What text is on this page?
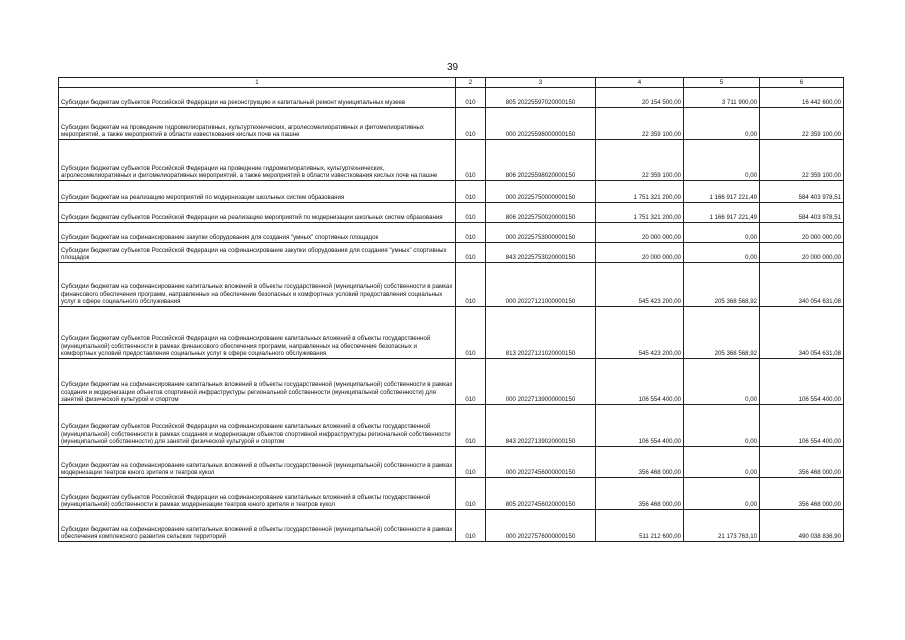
39
1	2	3	4	5	6
Субсидии бюджетам субъектов Российской Федерации на реконструкцию и капитальный ремонт муниципальных музеев	010	805 20225597020000150	20 154 500,00	3 711 900,00	16 442 600,00
Субсидии бюджетам на проведение гидромелиоративных, культуртехнических, агролесомелиоративных и фитомелиоративных мероприятий, а также мероприятий в области известкования кислых почв на пашне	010	000 20225598000000150	22 359 100,00	0,00	22 359 100,00
Субсидии бюджетам субъектов Российской Федерации на проведение гидромелиоративных, культуртехнических, агролесомелиоративных и фитомелиоративных мероприятий, а также мероприятий в области известкования кислых почв на пашне	010	806 20225598020000150	22 359 100,00	0,00	22 359 100,00
Субсидии бюджетам на реализацию мероприятий по модернизации школьных систем образования	010	000 20225750000000150	1 751 321 200,00	1 166 917 221,49	584 403 978,51
Субсидии бюджетам субъектов Российской Федерации на реализацию мероприятий по модернизации школьных систем образования	010	806 20225750020000150	1 751 321 200,00	1 166 917 221,49	584 403 978,51
Субсидии бюджетам на софинансирование закупки оборудования для создания "умных" спортивных площадок	010	000 20225753000000150	20 000 000,00	0,00	20 000 000,00
Субсидии бюджетам субъектов Российской Федерации на софинансирование закупки оборудования для создания "умных" спортивных площадок	010	843 20225753020000150	20 000 000,00	0,00	20 000 000,00
Субсидии бюджетам на софинансирование капитальных вложений в объекты государственной (муниципальной) собственности в рамках финансового обеспечения программ, направленных на обеспечение безопасных и комфортных условий предоставления социальных услуг в сфере социального обслуживания	010	000 20227121000000150	545 423 200,00	205 368 568,92	340 054 631,08
Субсидии бюджетам субъектов Российской Федерации на софинансирование капитальных вложений в объекты государственной (муниципальной) собственности в рамках финансового обеспечения программ, направленных на обеспечение безопасных и комфортных условий предоставления социальных услуг в сфере социального обслуживания	010	813 20227121020000150	545 423 200,00	205 368 568,92	340 054 631,08
Субсидии бюджетам на софинансирование капитальных вложений в объекты государственной (муниципальной) собственности в рамках создания и модернизации объектов спортивной инфраструктуры региональной собственности (муниципальной собственности) для занятий физической культурой и спортом	010	000 20227139000000150	106 554 400,00	0,00	106 554 400,00
Субсидии бюджетам субъектов Российской Федерации на софинансирование капитальных вложений в объекты государственной (муниципальной) собственности в рамках создания и модернизации объектов спортивной инфраструктуры региональной собственности (муниципальной собственности) для занятий физической культурой и спортом	010	843 20227139020000150	106 554 400,00	0,00	106 554 400,00
Субсидии бюджетам на софинансирование капитальных вложений в объекты государственной (муниципальной) собственности в рамках модернизации театров юного зрителя и театров кукол	010	000 20227456000000150	356 468 000,00	0,00	356 468 000,00
Субсидии бюджетам субъектов Российской Федерации на софинансирование капитальных вложений в объекты государственной (муниципальной) собственности в рамках модернизации театров юного зрителя и театров кукол	010	805 20227456020000150	356 468 000,00	0,00	356 468 000,00
Субсидии бюджетам на софинансирование капитальных вложений в объекты государственной (муниципальной) собственности в рамках обеспечения комплексного развития сельских территорий	010	000 20227576000000150	511 212 600,00	21 173 763,10	490 038 836,90
